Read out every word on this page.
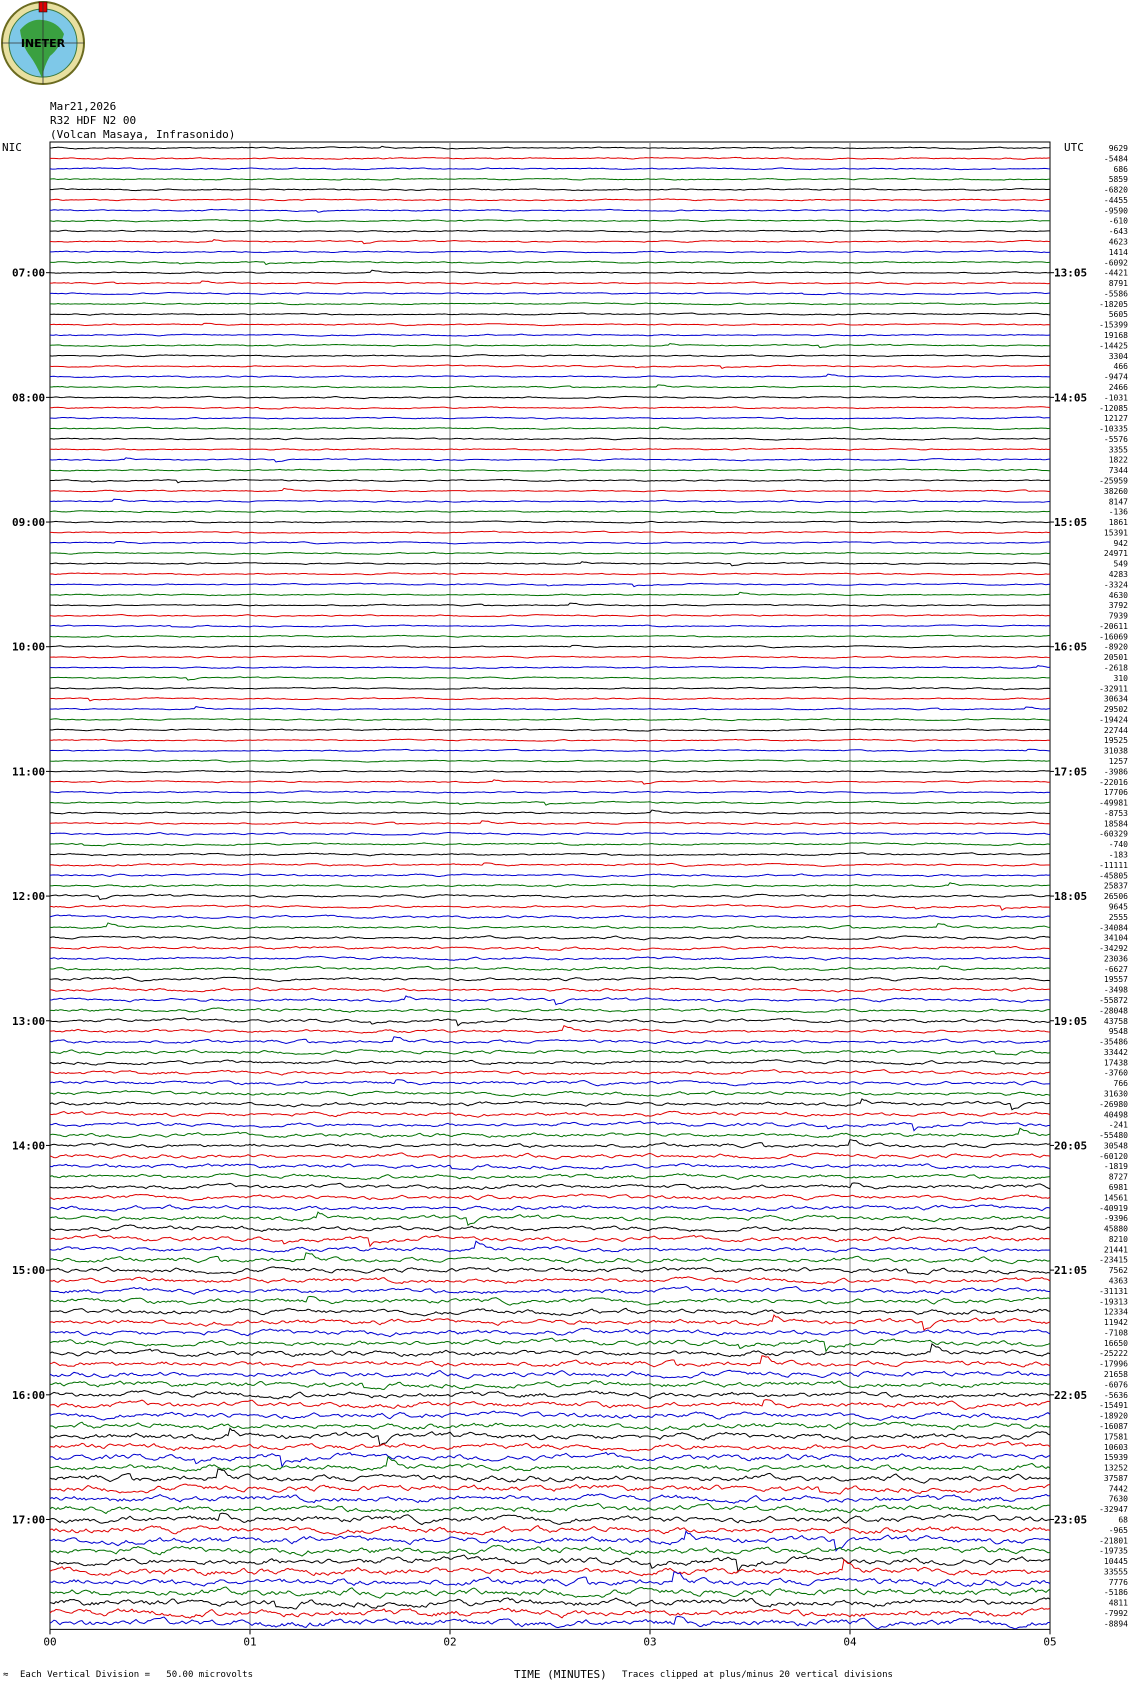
INETER
Mar21,2026
R32 HDF N2 00
(Volcan Masaya, Infrasonido)
NIC	UTC
00	01	02	03	04	05
9629
-5484
686
5859
-6820
-4455
-9590
-610
-643
4623
1414
-6092
-4421
07:00	13:05
8791
-5586
-18205
5605
-15399
19168
-14425
3304
466
-9474
2466
-1031
08:00	14:05
-12085
12127
-10335
-5576
3355
1822
7344
-25959
38260
8147
-136
1861
09:00	15:05
15391
942
24971
549
4283
-3324
4630
3792
7939
-20611
-16069
-8920
10:00	16:05
20501
-2618
310
-32911
30634
29502
-19424
22744
19525
31038
1257
-3986
11:00	17:05
-22016
17706
-49981
-8753
18584
-60329
-740
-183
-11111
-45805
25837
26506
12:00	18:05
9645
2555
-34084
34104
-34292
23036
-6627
19557
-3498
-55872
-28048
43758
13:00	19:05
9548
-35486
33442
17438
-3760
766
31630
-26980
40498
-241
-55480
30548
14:00	20:05
-60120
-1819
8727
6981
14561
-40919
-9396
45880
8210
21441
-23415
7562
15:00	21:05
4363
-31131
-19313
12334
11942
-7108
16650
-25222
-17996
21658
-6076
-5636
16:00	22:05
-15491
-18920
-16087
17581
10603
15939
13252
37587
7442
7630
-32947
68
17:00	23:05
-965
-21801
-19735
10445
33555
7776
-5186
4811
-7992
-8894
TIME (MINUTES)
≈ Each Vertical Division =   50.00 microvolts	Traces clipped at plus/minus 20 vertical divisions
